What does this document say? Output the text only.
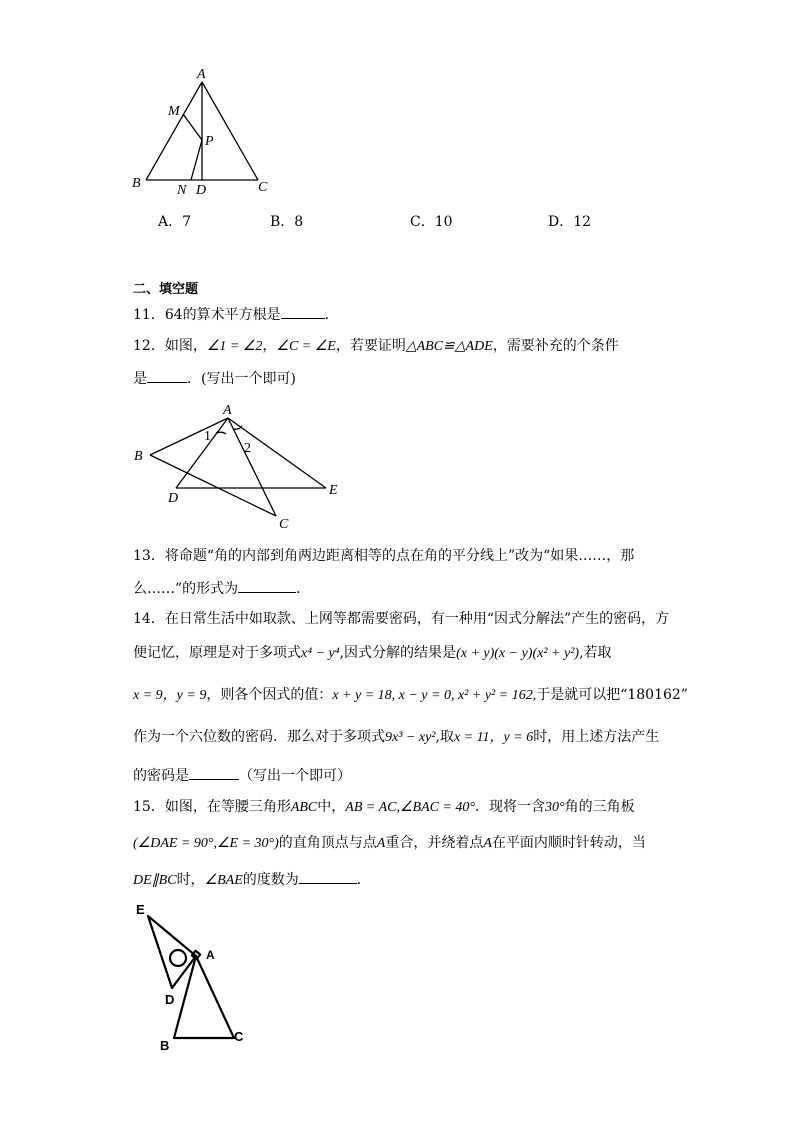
A
M
P
B	N D	C
A．7	B．8	C．10	D．12
二、填空题
11．64的算术平方根是	．
12．如图，∠1 = ∠2，∠C = ∠E，若要证明△ABC≌△ADE，需要补充的个条件
是	．(写出一个即可)
A
1
2
B
D
E
C
13．将命题“角的内部到角两边距离相等的点在角的平分线上”改为“如果……，那
么……”的形式为	．
14．在日常生活中如取款、上网等都需要密码，有一种用“因式分解法”产生的密码，方
便记忆，原理是对于多项式x⁴ − y⁴,因式分解的结果是(x + y)(x − y)(x² + y²),若取
x = 9，y = 9，则各个因式的值：x + y = 18, x − y = 0, x² + y² = 162,于是就可以把“180162”
作为一个六位数的密码．那么对于多项式9x³ − xy²,取x = 11，y = 6时，用上述方法产生
的密码是	（写出一个即可）
15．如图，在等腰三角形ABC中，AB = AC,∠BAC = 40°．现将一含30°角的三角板
(∠DAE = 90°,∠E = 30°)的直角顶点与点A重合，并绕着点A在平面内顺时针转动，当
DE∥BC时，∠BAE的度数为	．
E
A
D
B
C
